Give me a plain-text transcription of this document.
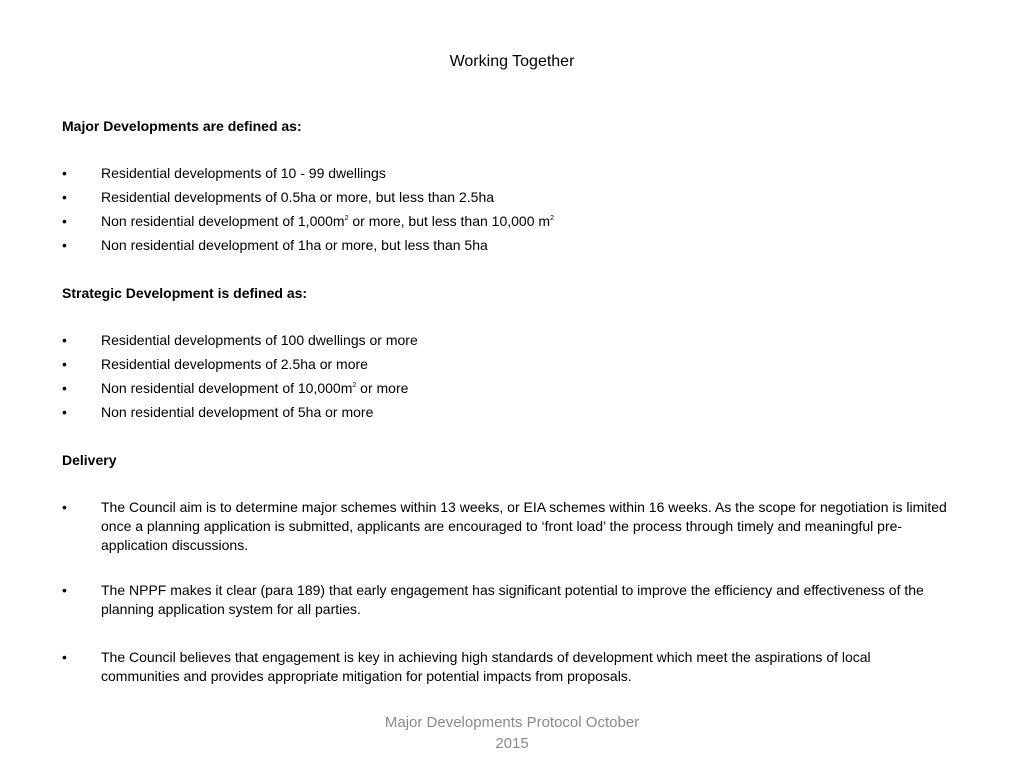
Working Together
Major Developments are defined as:
• Residential developments of 10 - 99 dwellings
• Residential developments of 0.5ha or more, but less than 2.5ha
• Non residential development of $1,000m^2$ or more, but less than 10,000 $m^2$
• Non residential development of 1ha or more, but less than 5ha
Strategic Development is defined as:
• Residential developments of 100 dwellings or more
• Residential developments of 2.5ha or more
• Non residential development of $10,000m^2$ or more
• Non residential development of 5ha or more
Delivery
• The Council aim is to determine major schemes within 13 weeks, or EIA schemes within 16 weeks. As the scope for negotiation is limited once a planning application is submitted, applicants are encouraged to ‘front load’ the process through timely and meaningful pre-application discussions.
• The NPPF makes it clear (para 189) that early engagement has significant potential to improve the efficiency and effectiveness of the planning application system for all parties.
• The Council believes that engagement is key in achieving high standards of development which meet the aspirations of local communities and provides appropriate mitigation for potential impacts from proposals.
Major Developments Protocol October
2015
